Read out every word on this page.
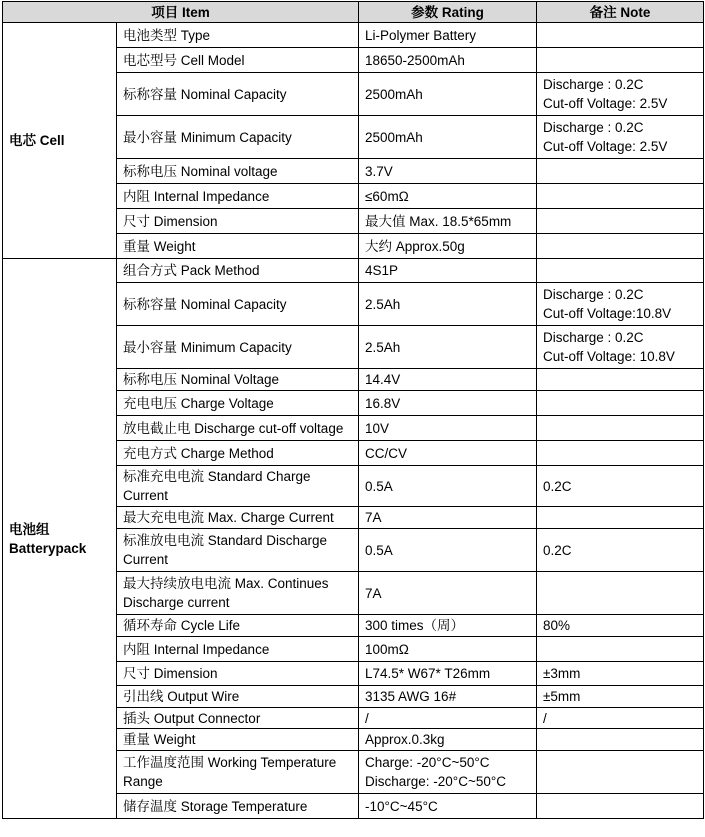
项目 Item		参数 Rating	备注 Note
电芯 Cell	电池类型 Type	Li-Polymer Battery	
	电芯型号 Cell Model	18650-2500mAh	
	标称容量 Nominal Capacity	2500mAh	Discharge : 0.2C
Cut-off Voltage: 2.5V
	最小容量 Minimum Capacity	2500mAh	Discharge : 0.2C
Cut-off Voltage: 2.5V
	标称电压 Nominal voltage	3.7V	
	内阻 Internal Impedance	≤60mΩ	
	尺寸 Dimension	最大值 Max. 18.5*65mm	
	重量 Weight	大约 Approx.50g	
电池组
Batterypack	组合方式 Pack Method	4S1P	
	标称容量 Nominal Capacity	2.5Ah	Discharge : 0.2C
Cut-off Voltage:10.8V
	最小容量 Minimum Capacity	2.5Ah	Discharge : 0.2C
Cut-off Voltage: 10.8V
	标称电压 Nominal Voltage	14.4V	
	充电电压 Charge Voltage	16.8V	
	放电截止电 Discharge cut-off voltage	10V	
	充电方式 Charge Method	CC/CV	
	标准充电电流 Standard Charge Current	0.5A	0.2C
	最大充电电流 Max. Charge Current	7A	
	标准放电电流 Standard Discharge Current	0.5A	0.2C
	最大持续放电电流 Max. Continues Discharge current	7A	
	循环寿命 Cycle Life	300 times（周）	80%
	内阻 Internal Impedance	100mΩ	
	尺寸 Dimension	L74.5* W67* T26mm	±3mm
	引出线 Output Wire	3135 AWG 16#	±5mm
	插头 Output Connector	/	/
	重量 Weight	Approx.0.3kg	
	工作温度范围 Working Temperature Range	Charge: -20°C~50°C
Discharge: -20°C~50°C	
	储存温度 Storage Temperature	-10°C~45°C	
